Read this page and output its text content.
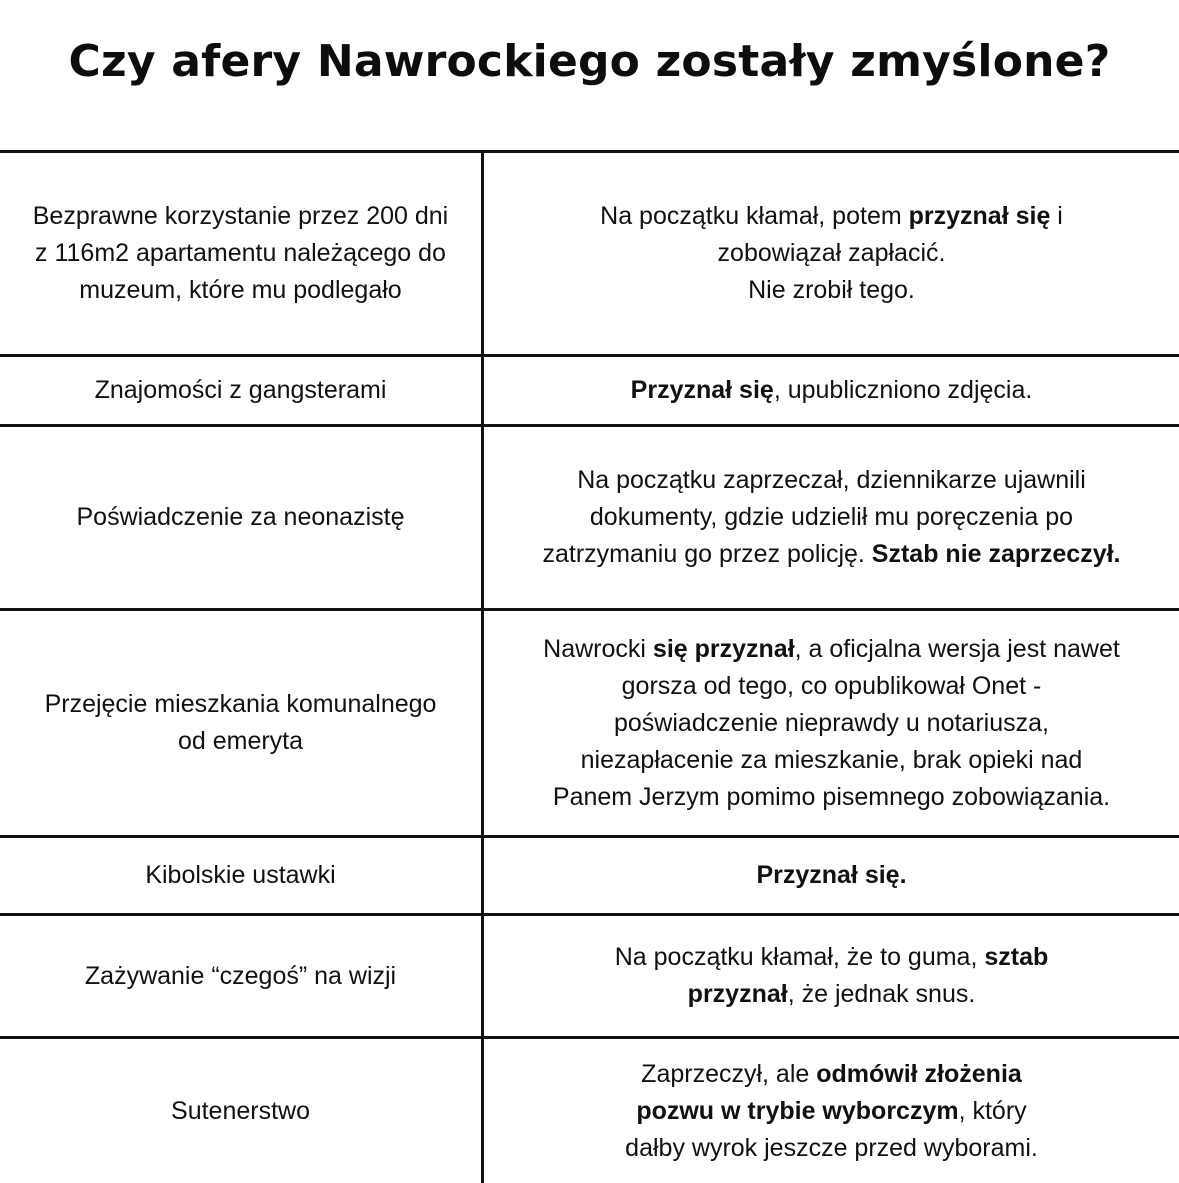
Czy afery Nawrockiego zostały zmyślone?
Bezprawne korzystanie przez 200 dni z 116m2 apartamentu należącego do muzeum, które mu podlegało
Na początku kłamał, potem przyznał się i
zobowiązał zapłacić.
Nie zrobił tego.
Znajomości z gangsterami	Przyznał się, upubliczniono zdjęcia.
Poświadczenie za neonazistę
Na początku zaprzeczał, dziennikarze ujawnili
dokumenty, gdzie udzielił mu poręczenia po
zatrzymaniu go przez policję. Sztab nie zaprzeczył.
Przejęcie mieszkania komunalnego od emeryta
Nawrocki się przyznał, a oficjalna wersja jest nawet
gorsza od tego, co opublikował Onet -
poświadczenie nieprawdy u notariusza,
niezapłacenie za mieszkanie, brak opieki nad
Panem Jerzym pomimo pisemnego zobowiązania.
Kibolskie ustawki	Przyznał się.
Zażywanie “czegoś” na wizji
Na początku kłamał, że to guma, sztab
przyznał, że jednak snus.
Sutenerstwo
Zaprzeczył, ale odmówił złożenia
pozwu w trybie wyborczym, który
dałby wyrok jeszcze przed wyborami.
